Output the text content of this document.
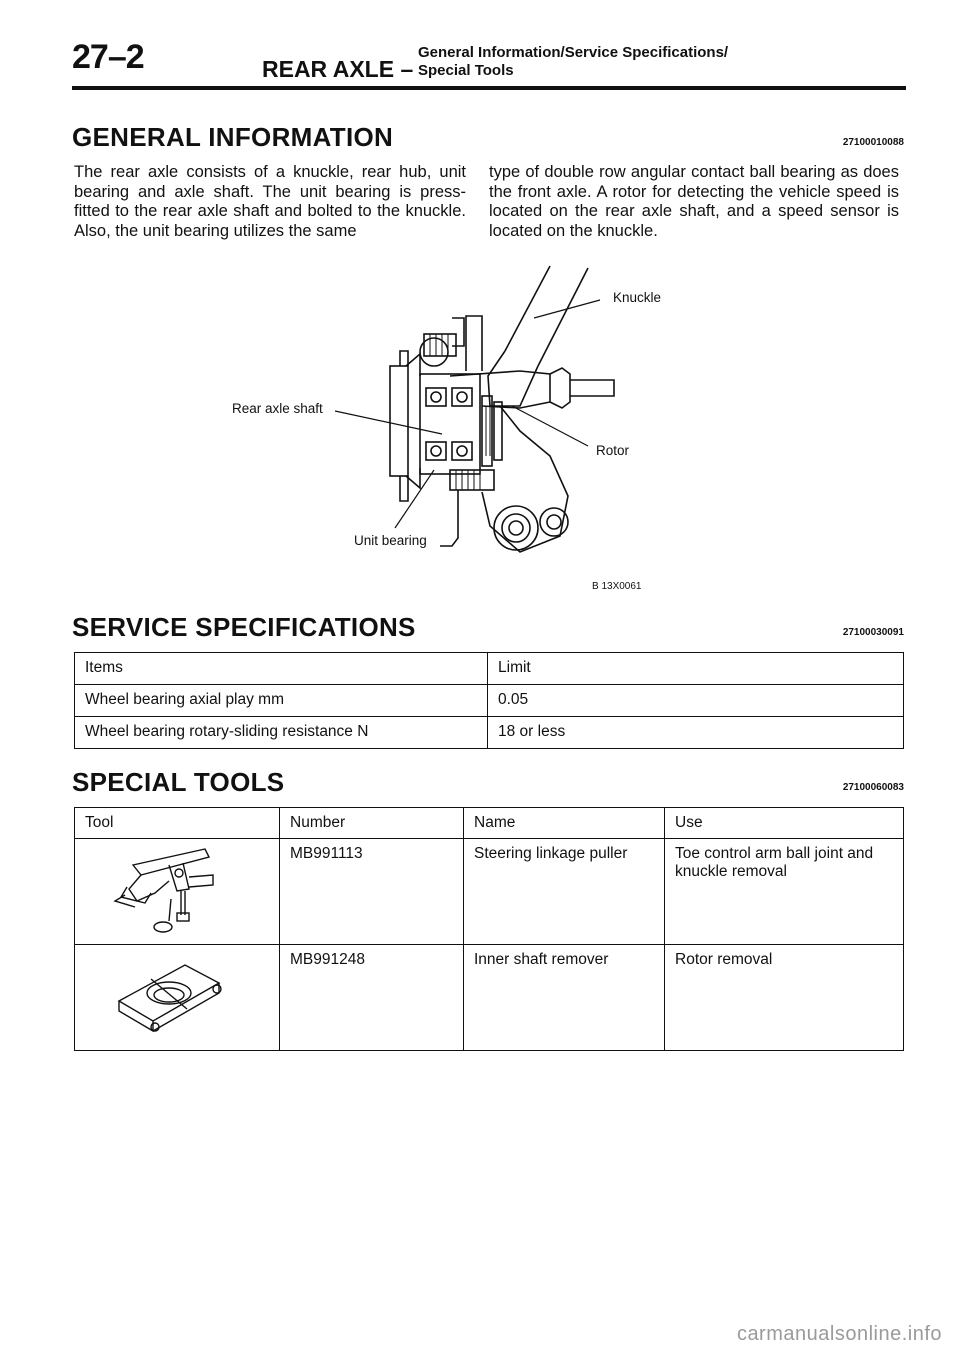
27–2	REAR AXLE –
General Information/Service Specifications/
Special Tools
GENERAL INFORMATION	27100010088
The rear axle consists of a knuckle, rear hub, unit bearing and axle shaft. The unit bearing is press-fitted to the rear axle shaft and bolted to the knuckle. Also, the unit bearing utilizes the same
type of double row angular contact ball bearing as does the front axle. A rotor for detecting the vehicle speed is located on the rear axle shaft, and a speed sensor is located on the knuckle.
Knuckle
Rear axle shaft
Rotor
Unit bearing
B 13X0061
SERVICE SPECIFICATIONS	27100030091
Items	Limit
Wheel bearing axial play mm	0.05
Wheel bearing rotary-sliding resistance N	18 or less
SPECIAL TOOLS	27100060083
Tool	Number	Name	Use

	MB991113	Steering linkage puller	Toe control arm ball joint and knuckle removal

	MB991248	Inner shaft remover	Rotor removal
carmanualsonline.info
